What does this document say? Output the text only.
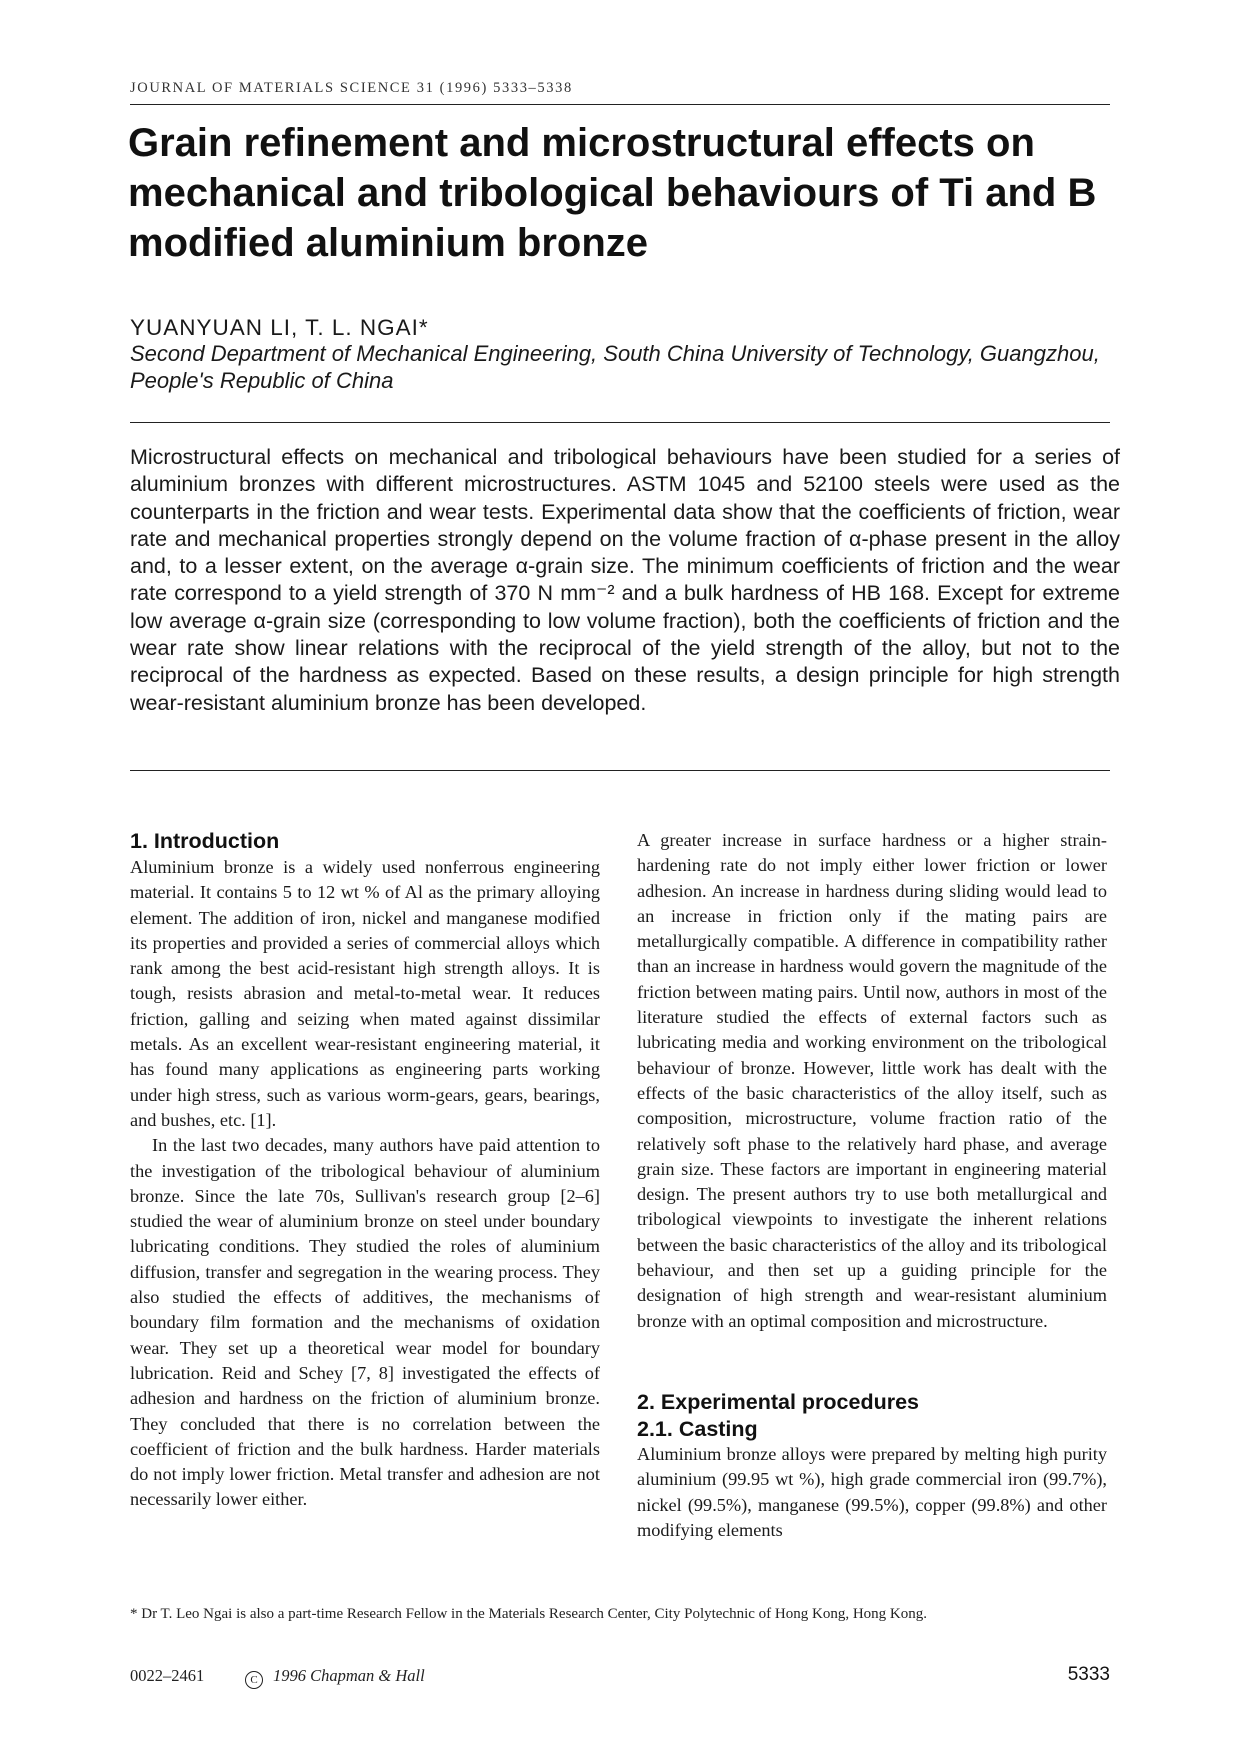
JOURNAL OF MATERIALS SCIENCE 31 (1996) 5333–5338
Grain refinement and microstructural effects on mechanical and tribological behaviours of Ti and B modified aluminium bronze
YUANYUAN LI, T. L. NGAI*

Second Department of Mechanical Engineering, South China University of Technology, Guangzhou, People's Republic of China

Microstructural effects on mechanical and tribological behaviours have been studied for a series of aluminium bronzes with different microstructures. ASTM 1045 and 52100 steels were used as the counterparts in the friction and wear tests. Experimental data show that the coefficients of friction, wear rate and mechanical properties strongly depend on the volume fraction of α-phase present in the alloy and, to a lesser extent, on the average α-grain size. The minimum coefficients of friction and the wear rate correspond to a yield strength of 370 N mm⁻² and a bulk hardness of HB 168. Except for extreme low average α-grain size (corresponding to low volume fraction), both the coefficients of friction and the wear rate show linear relations with the reciprocal of the yield strength of the alloy, but not to the reciprocal of the hardness as expected. Based on these results, a design principle for high strength wear-resistant aluminium bronze has been developed.

1. Introduction

Aluminium bronze is a widely used nonferrous engineering material. It contains 5 to 12 wt % of Al as the primary alloying element. The addition of iron, nickel and manganese modified its properties and provided a series of commercial alloys which rank among the best acid-resistant high strength alloys. It is tough, resists abrasion and metal-to-metal wear. It reduces friction, galling and seizing when mated against dissimilar metals. As an excellent wear-resistant engineering material, it has found many applications as engineering parts working under high stress, such as various worm-gears, gears, bearings, and bushes, etc. [1].

In the last two decades, many authors have paid attention to the investigation of the tribological behaviour of aluminium bronze. Since the late 70s, Sullivan's research group [2–6] studied the wear of aluminium bronze on steel under boundary lubricating conditions. They studied the roles of aluminium diffusion, transfer and segregation in the wearing process. They also studied the effects of additives, the mechanisms of boundary film formation and the mechanisms of oxidation wear. They set up a theoretical wear model for boundary lubrication. Reid and Schey [7, 8] investigated the effects of adhesion and hardness on the friction of aluminium bronze. They concluded that there is no correlation between the coefficient of friction and the bulk hardness. Harder materials do not imply lower friction. Metal transfer and adhesion are not necessarily lower either.

A greater increase in surface hardness or a higher strain-hardening rate do not imply either lower friction or lower adhesion. An increase in hardness during sliding would lead to an increase in friction only if the mating pairs are metallurgically compatible. A difference in compatibility rather than an increase in hardness would govern the magnitude of the friction between mating pairs. Until now, authors in most of the literature studied the effects of external factors such as lubricating media and working environment on the tribological behaviour of bronze. However, little work has dealt with the effects of the basic characteristics of the alloy itself, such as composition, microstructure, volume fraction ratio of the relatively soft phase to the relatively hard phase, and average grain size. These factors are important in engineering material design. The present authors try to use both metallurgical and tribological viewpoints to investigate the inherent relations between the basic characteristics of the alloy and its tribological behaviour, and then set up a guiding principle for the designation of high strength and wear-resistant aluminium bronze with an optimal composition and microstructure.

2. Experimental procedures
2.1. Casting

Aluminium bronze alloys were prepared by melting high purity aluminium (99.95 wt %), high grade commercial iron (99.7%), nickel (99.5%), manganese (99.5%), copper (99.8%) and other modifying elements

* Dr T. Leo Ngai is also a part-time Research Fellow in the Materials Research Center, City Polytechnic of Hong Kong, Hong Kong.

0022–2461	C 1996 Chapman & Hall	5333
